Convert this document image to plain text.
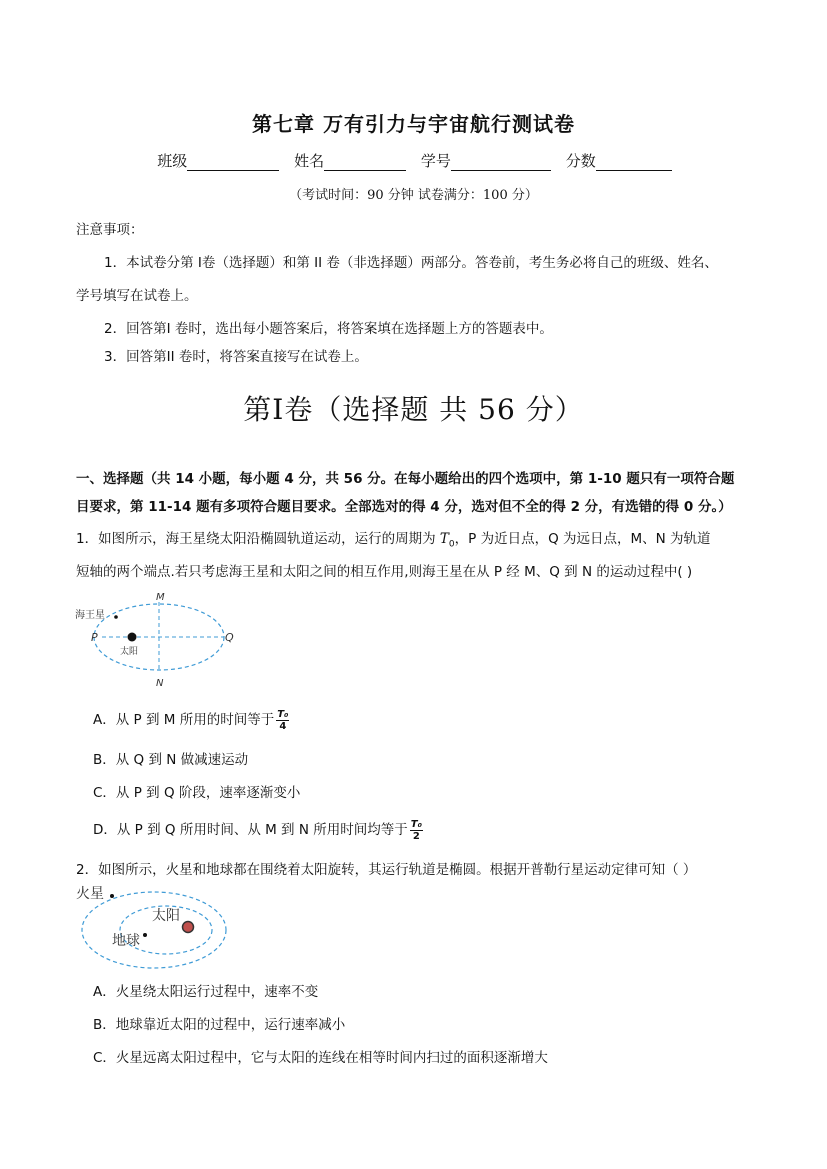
第七章 万有引力与宇宙航行测试卷
班级	姓名	学号	分数
（考试时间：90 分钟 试卷满分：100 分）
注意事项：
1．本试卷分第 I卷（选择题）和第 II 卷（非选择题）两部分。答卷前，考生务必将自己的班级、姓名、
学号填写在试卷上。
2．回答第I 卷时，选出每小题答案后，将答案填在选择题上方的答题表中。
3．回答第II 卷时，将答案直接写在试卷上。
第I卷（选择题 共 56 分）
一、选择题（共 14 小题，每小题 4 分，共 56 分。在每小题给出的四个选项中，第 1-10 题只有一项符合题
目要求，第 11-14 题有多项符合题目要求。全部选对的得 4 分，选对但不全的得 2 分，有选错的得 0 分。）
1．如图所示，海王星绕太阳沿椭圆轨道运动，运行的周期为 $T_0$，P 为近日点，Q 为远日点，M、N 为轨道
短轴的两个端点.若只考虑海王星和太阳之间的相互作用,则海王星在从 P 经 M、Q 到 N 的运动过程中( )
海王星
太阳
P	Q
M
N
A．从 P 到 M 所用的时间等于 $\frac{\text{T₀}}{4}$
B．从 Q 到 N 做减速运动
C．从 P 到 Q 阶段，速率逐渐变小
D．从 P 到 Q 所用时间、从 M 到 N 所用时间均等于 $\frac{\text{T₀}}{2}$
2．如图所示，火星和地球都在围绕着太阳旋转，其运行轨道是椭圆。根据开普勒行星运动定律可知（ ）
火星
太阳
地球
A．火星绕太阳运行过程中，速率不变
B．地球靠近太阳的过程中，运行速率减小
C．火星远离太阳过程中，它与太阳的连线在相等时间内扫过的面积逐渐增大
